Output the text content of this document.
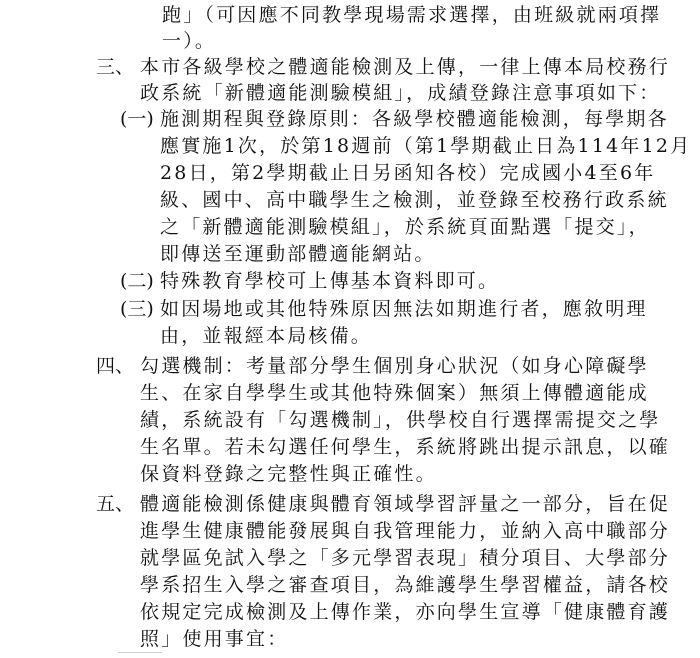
跑」（可因應不同教學現場需求選擇，由班級就兩項擇
一）。
三、 本市各級學校之體適能檢測及上傳，一律上傳本局校務行
政系統「新體適能測驗模組」，成績登錄注意事項如下：
(一) 施測期程與登錄原則：各級學校體適能檢測，每學期各
應實施1次，於第18週前（第1學期截止日為114年12月
28日，第2學期截止日另函知各校）完成國小4至6年
級、國中、高中職學生之檢測，並登錄至校務行政系統
之「新體適能測驗模組」，於系統頁面點選「提交」，
即傳送至運動部體適能網站。
(二) 特殊教育學校可上傳基本資料即可。
(三) 如因場地或其他特殊原因無法如期進行者，應敘明理
由，並報經本局核備。
四、 勾選機制：考量部分學生個別身心狀況（如身心障礙學
生、在家自學學生或其他特殊個案）無須上傳體適能成
績，系統設有「勾選機制」，供學校自行選擇需提交之學
生名單。若未勾選任何學生，系統將跳出提示訊息，以確
保資料登錄之完整性與正確性。
五、 體適能檢測係健康與體育領域學習評量之一部分，旨在促
進學生健康體能發展與自我管理能力，並納入高中職部分
就學區免試入學之「多元學習表現」積分項目、大學部分
學系招生入學之審查項目，為維護學生學習權益，請各校
依規定完成檢測及上傳作業，亦向學生宣導「健康體育護
照」使用事宜：
